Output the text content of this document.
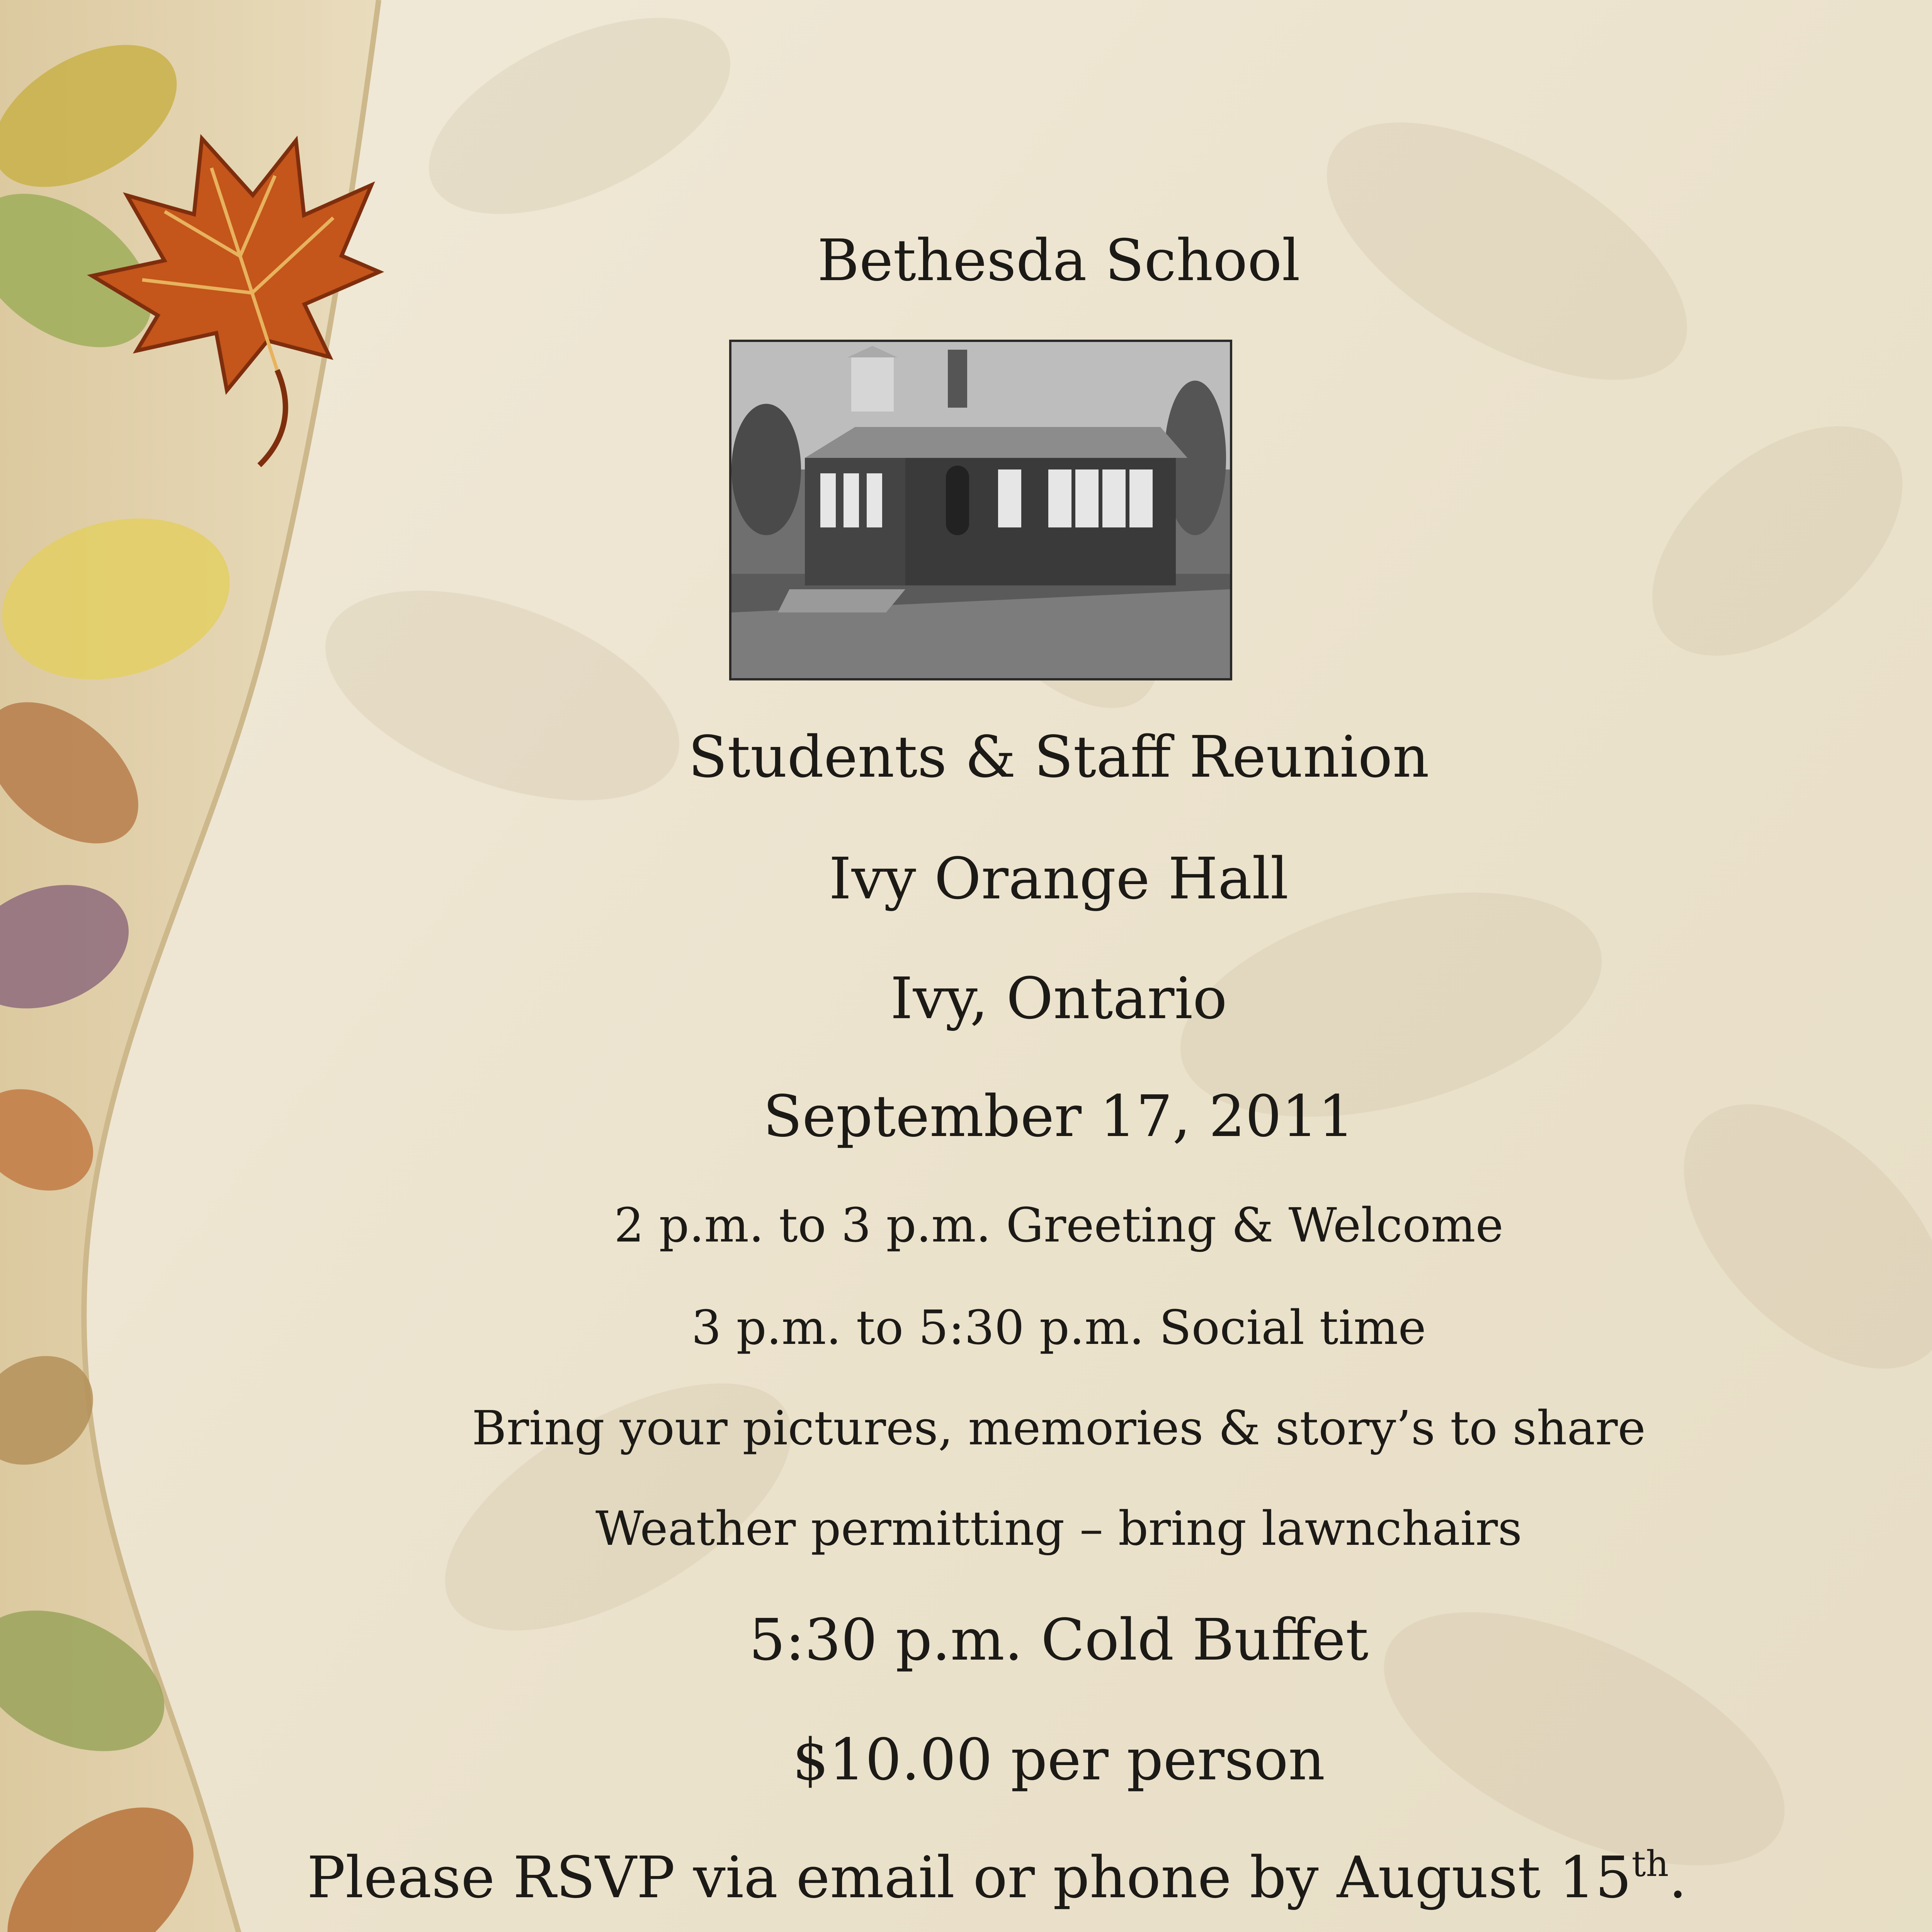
Bethesda School
Students & Staff Reunion
Ivy Orange Hall
Ivy, Ontario
September 17, 2011
2 p.m. to 3 p.m. Greeting & Welcome
3 p.m. to 5:30 p.m. Social time
Bring your pictures, memories & story’s to share
Weather permitting – bring lawnchairs
5:30 p.m. Cold Buffet
$10.00 per person
Please RSVP via email or phone by August 15th.
